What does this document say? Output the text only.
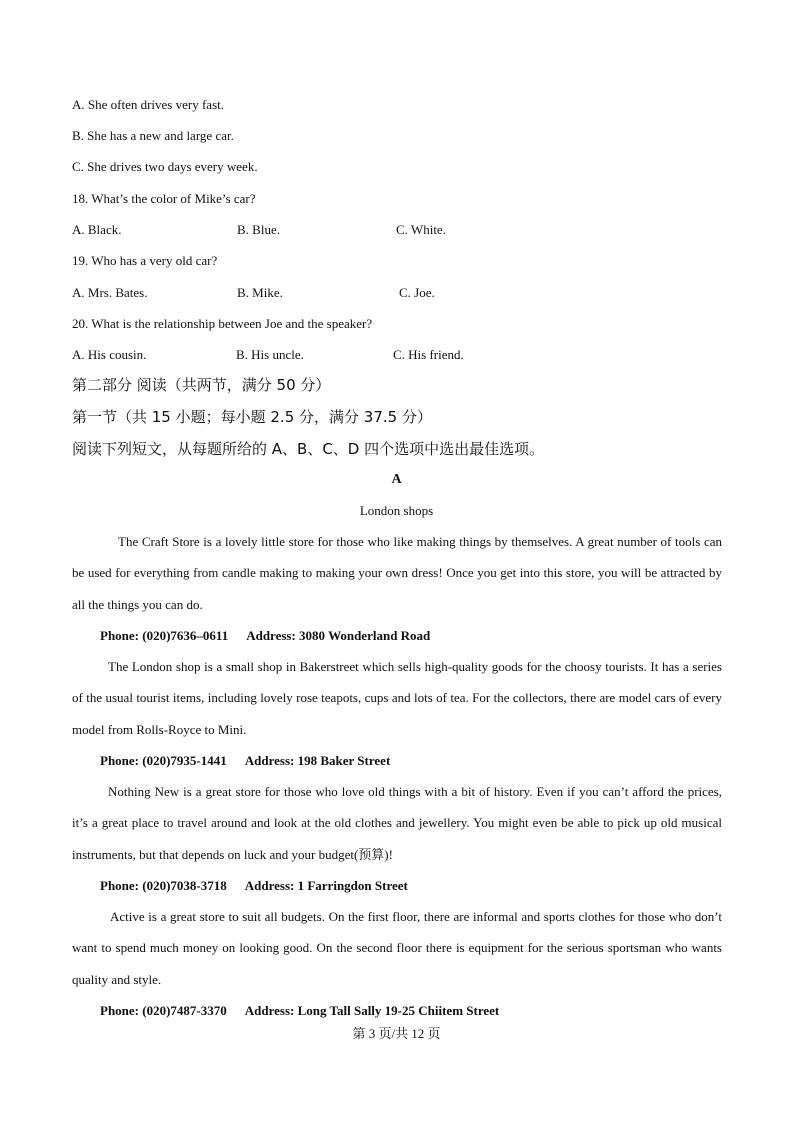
A. She often drives very fast.
B. She has a new and large car.
C. She drives two days every week.
18. What’s the color of Mike’s car?
A. Black.	B. Blue.	C. White.
19. Who has a very old car?
A. Mrs. Bates.	B. Mike.	C. Joe.
20. What is the relationship between Joe and the speaker?
A. His cousin.	B. His uncle.	C. His friend.
第二部分 阅读（共两节，满分 50 分）
第一节（共 15 小题；每小题 2.5 分，满分 37.5 分）
阅读下列短文，从每题所给的 A、B、C、D 四个选项中选出最佳选项。
A
London shops
The Craft Store is a lovely little store for those who like making things by themselves. A great number of tools can be used for everything from candle making to making your own dress! Once you get into this store, you will be attracted by all the things you can do.
Phone: (020)7636–0611 Address: 3080 Wonderland Road
The London shop is a small shop in Bakerstreet which sells high-quality goods for the choosy tourists. It has a series of the usual tourist items, including lovely rose teapots, cups and lots of tea. For the collectors, there are model cars of every model from Rolls-Royce to Mini.
Phone: (020)7935-1441 Address: 198 Baker Street
Nothing New is a great store for those who love old things with a bit of history. Even if you can’t afford the prices, it’s a great place to travel around and look at the old clothes and jewellery. You might even be able to pick up old musical instruments, but that depends on luck and your budget(预算)!
Phone: (020)7038-3718 Address: 1 Farringdon Street
Active is a great store to suit all budgets. On the first floor, there are informal and sports clothes for those who don’t want to spend much money on looking good. On the second floor there is equipment for the serious sportsman who wants quality and style.
Phone: (020)7487-3370 Address: Long Tall Sally 19-25 Chiitem Street
第 3 页/共 12 页
